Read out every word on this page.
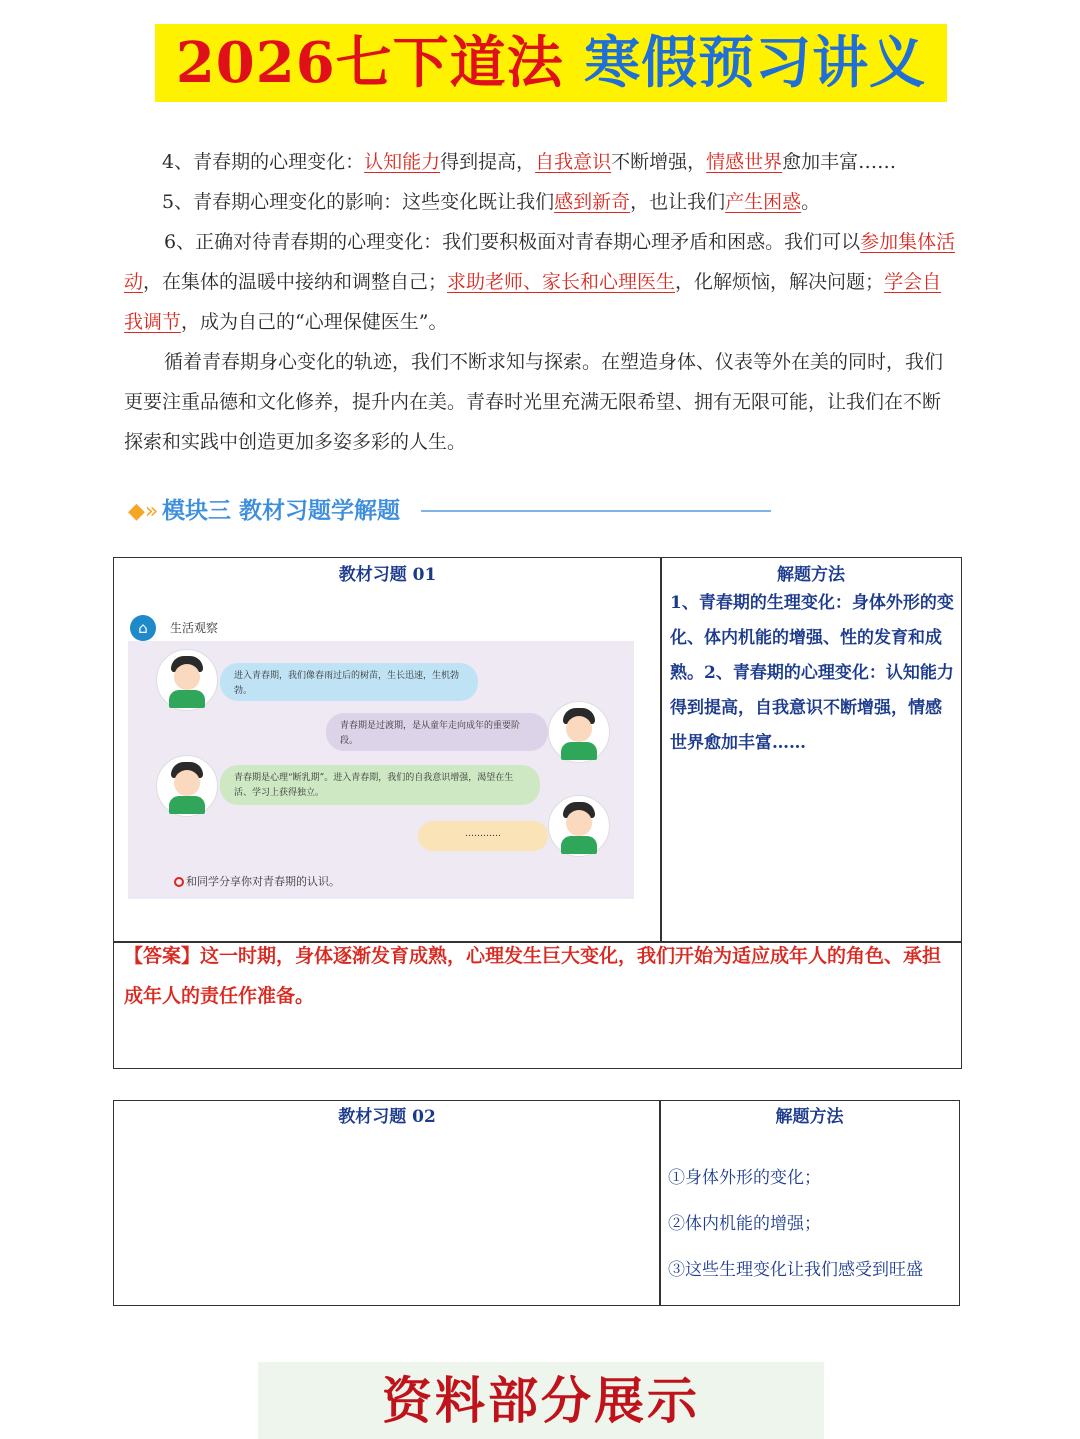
2026七下道法 寒假预习讲义
4、青春期的心理变化：认知能力得到提高，自我意识不断增强，情感世界愈加丰富……
5、青春期心理变化的影响：这些变化既让我们感到新奇，也让我们产生困惑。
6、正确对待青春期的心理变化：我们要积极面对青春期心理矛盾和困惑。我们可以参加集体活动，在集体的温暖中接纳和调整自己；求助老师、家长和心理医生，化解烦恼，解决问题；学会自我调节，成为自己的“心理保健医生”。
循着青春期身心变化的轨迹，我们不断求知与探索。在塑造身体、仪表等外在美的同时，我们更要注重品德和文化修养，提升内在美。青春时光里充满无限希望、拥有无限可能，让我们在不断探索和实践中创造更加多姿多彩的人生。
◆» 模块三 教材习题学解题
教材习题 01	解题方法
1、青春期的生理变化：身体外形的变化、体内机能的增强、性的发育和成熟。2、青春期的心理变化：认知能力得到提高，自我意识不断增强，情感世界愈加丰富……
⌂	生活观察
进入青春期，我们像春雨过后的树苗，生长迅速，生机勃勃。
青春期是过渡期，是从童年走向成年的重要阶段。
青春期是心理“断乳期”。进入青春期，我们的自我意识增强，渴望在生活、学习上获得独立。
…………
和同学分享你对青春期的认识。
【答案】这一时期，身体逐渐发育成熟，心理发生巨大变化，我们开始为适应成年人的角色、承担成年人的责任作准备。
教材习题 02	解题方法
①身体外形的变化；
②体内机能的增强；
③这些生理变化让我们感受到旺盛
资料部分展示
